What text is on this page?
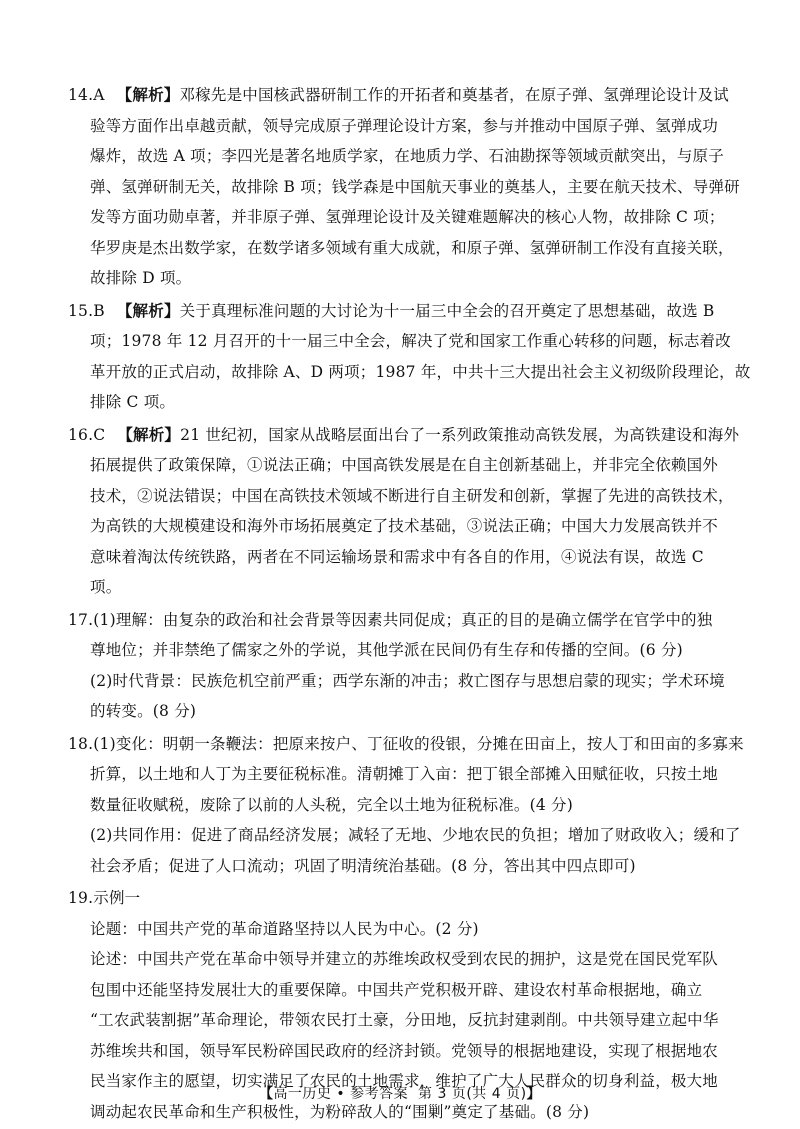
14.A 【解析】邓稼先是中国核武器研制工作的开拓者和奠基者，在原子弹、氢弹理论设计及试
验等方面作出卓越贡献，领导完成原子弹理论设计方案，参与并推动中国原子弹、氢弹成功
爆炸，故选 A 项；李四光是著名地质学家，在地质力学、石油勘探等领域贡献突出，与原子
弹、氢弹研制无关，故排除 B 项；钱学森是中国航天事业的奠基人，主要在航天技术、导弹研
发等方面功勋卓著，并非原子弹、氢弹理论设计及关键难题解决的核心人物，故排除 C 项；
华罗庚是杰出数学家，在数学诸多领域有重大成就，和原子弹、氢弹研制工作没有直接关联，
故排除 D 项。
15.B 【解析】关于真理标准问题的大讨论为十一届三中全会的召开奠定了思想基础，故选 B
项；1978 年 12 月召开的十一届三中全会，解决了党和国家工作重心转移的问题，标志着改
革开放的正式启动，故排除 A、D 两项；1987 年，中共十三大提出社会主义初级阶段理论，故
排除 C 项。
16.C 【解析】21 世纪初，国家从战略层面出台了一系列政策推动高铁发展，为高铁建设和海外
拓展提供了政策保障，①说法正确；中国高铁发展是在自主创新基础上，并非完全依赖国外
技术，②说法错误；中国在高铁技术领域不断进行自主研发和创新，掌握了先进的高铁技术，
为高铁的大规模建设和海外市场拓展奠定了技术基础，③说法正确；中国大力发展高铁并不
意味着淘汰传统铁路，两者在不同运输场景和需求中有各自的作用，④说法有误，故选 C
项。
17.(1)理解：由复杂的政治和社会背景等因素共同促成；真正的目的是确立儒学在官学中的独
尊地位；并非禁绝了儒家之外的学说，其他学派在民间仍有生存和传播的空间。(6 分)
(2)时代背景：民族危机空前严重；西学东渐的冲击；救亡图存与思想启蒙的现实；学术环境
的转变。(8 分)
18.(1)变化：明朝一条鞭法：把原来按户、丁征收的役银，分摊在田亩上，按人丁和田亩的多寡来
折算，以土地和人丁为主要征税标准。清朝摊丁入亩：把丁银全部摊入田赋征收，只按土地
数量征收赋税，废除了以前的人头税，完全以土地为征税标准。(4 分)
(2)共同作用：促进了商品经济发展；减轻了无地、少地农民的负担；增加了财政收入；缓和了
社会矛盾；促进了人口流动；巩固了明清统治基础。(8 分，答出其中四点即可)
19.示例一
论题：中国共产党的革命道路坚持以人民为中心。(2 分)
论述：中国共产党在革命中领导并建立的苏维埃政权受到农民的拥护，这是党在国民党军队
包围中还能坚持发展壮大的重要保障。中国共产党积极开辟、建设农村革命根据地，确立
“工农武装割据”革命理论，带领农民打土豪，分田地，反抗封建剥削。中共领导建立起中华
苏维埃共和国，领导军民粉碎国民政府的经济封锁。党领导的根据地建设，实现了根据地农
民当家作主的愿望，切实满足了农民的土地需求，维护了广大人民群众的切身利益，极大地
调动起农民革命和生产积极性，为粉碎敌人的“围剿”奠定了基础。(8 分)
【高一历史 • 参考答案 第 3 页(共 4 页)】
